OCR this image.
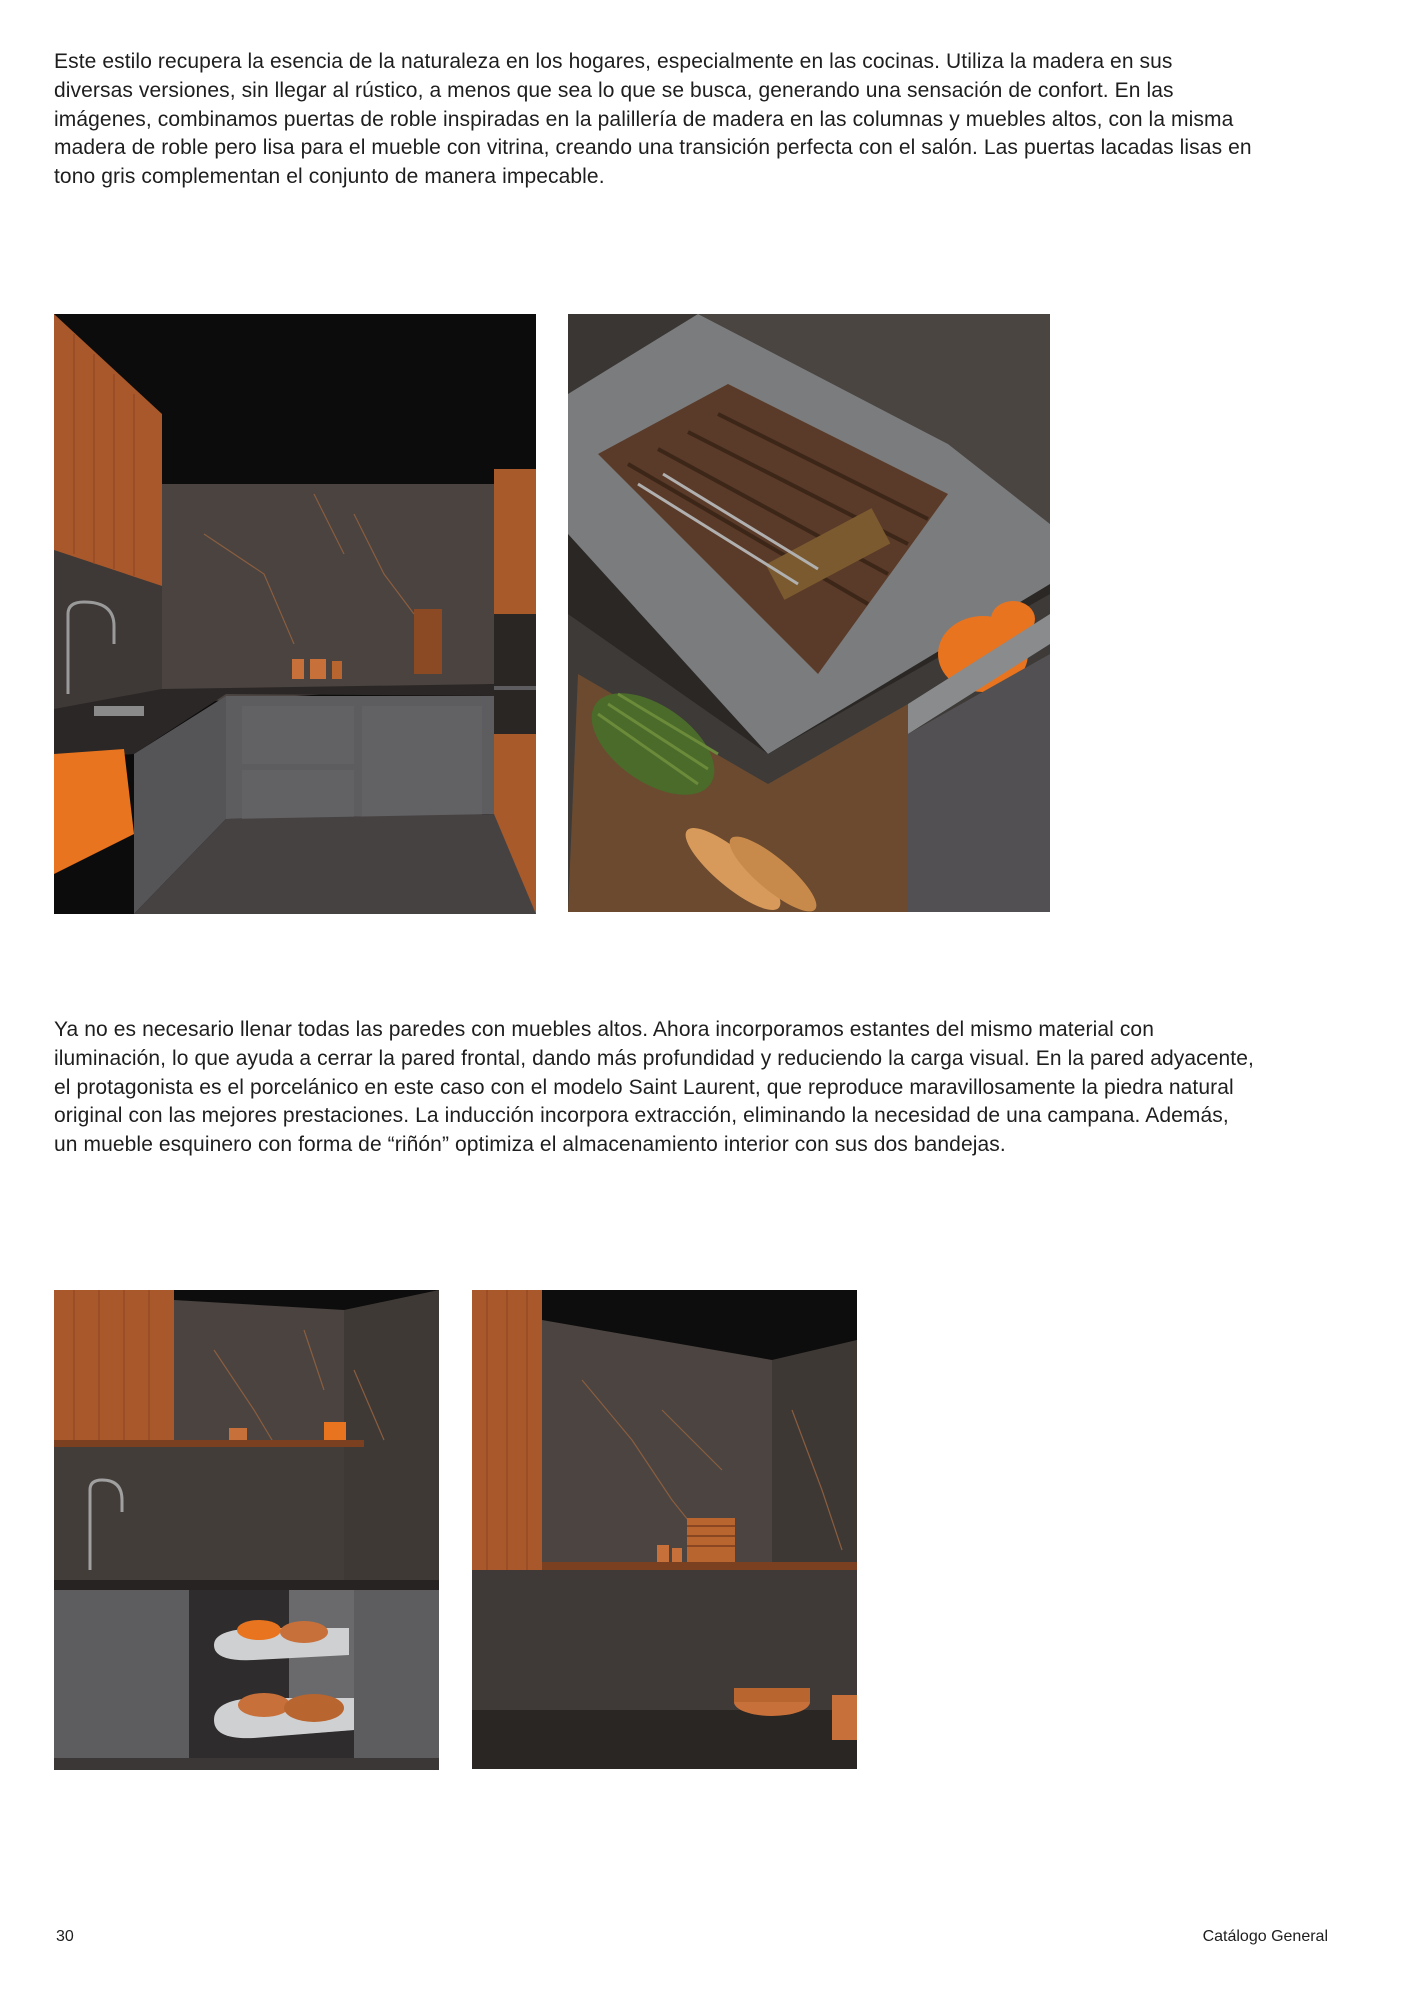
Este estilo recupera la esencia de la naturaleza en los hogares, especialmente en las cocinas. Utiliza la madera en sus diversas versiones, sin llegar al rústico, a menos que sea lo que se busca, generando una sensación de confort. En las imágenes, combinamos puertas de roble inspiradas en la palillería de madera en las columnas y muebles altos, con la misma madera de roble pero lisa para el mueble con vitrina, creando una transición perfecta con el salón. Las puertas lacadas lisas en tono gris complementan el conjunto de manera impecable.

Ya no es necesario llenar todas las paredes con muebles altos. Ahora incorporamos estantes del mismo material con iluminación, lo que ayuda a cerrar la pared frontal, dando más profundidad y reduciendo la carga visual. En la pared adyacente, el protagonista es el porcelánico en este caso con el modelo Saint Laurent, que reproduce maravillosamente la piedra natural original con las mejores prestaciones. La inducción incorpora extracción, eliminando la necesidad de una campana. Además, un mueble esquinero con forma de “riñón” optimiza el almacenamiento interior con sus dos bandejas.

30	Catálogo General
